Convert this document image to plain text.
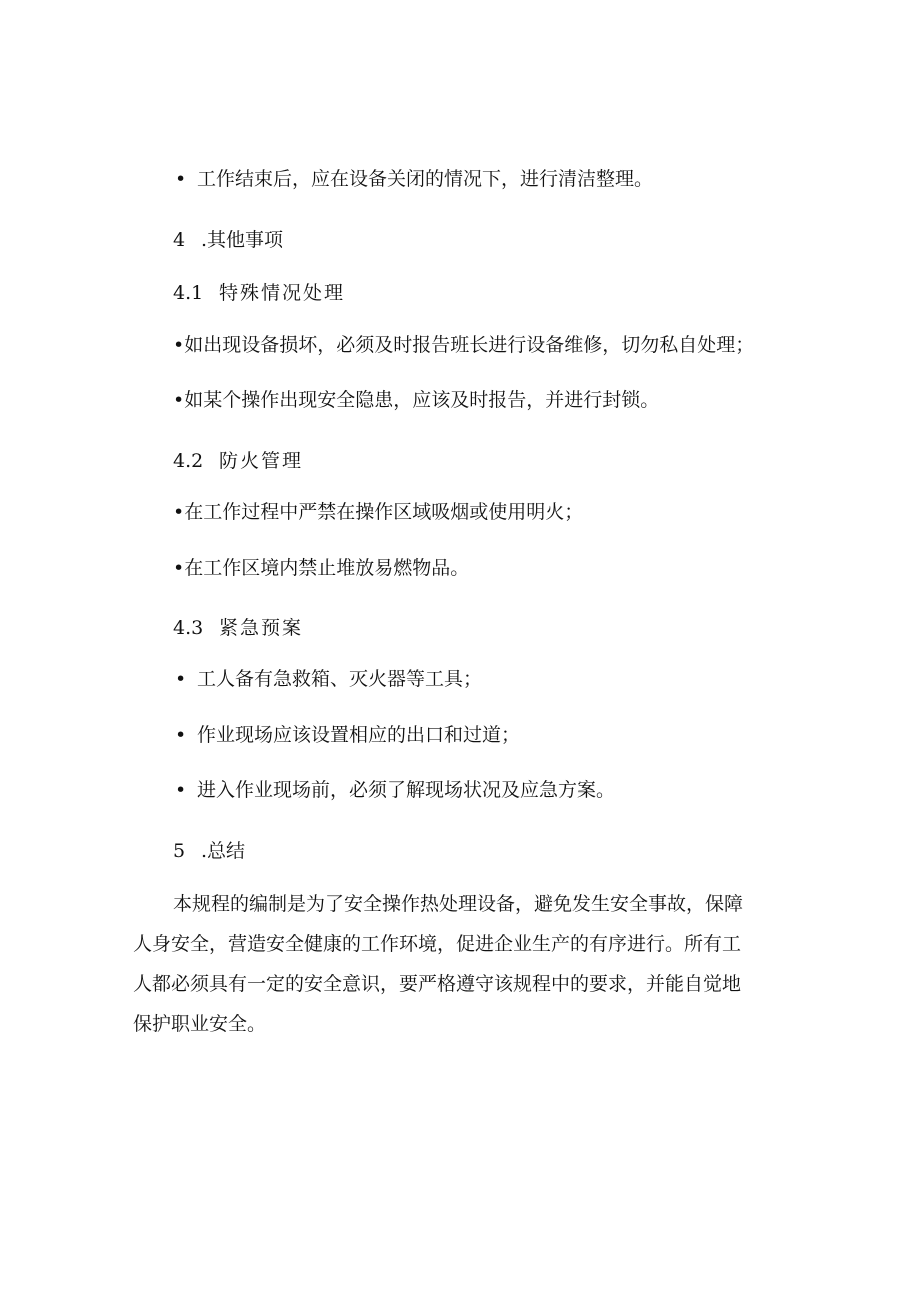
• 工作结束后，应在设备关闭的情况下，进行清洁整理。
4 .其他事项
4.1 特殊情况处理
•如出现设备损坏，必须及时报告班长进行设备维修，切勿私自处理；
•如某个操作出现安全隐患，应该及时报告，并进行封锁。
4.2 防火管理
•在工作过程中严禁在操作区域吸烟或使用明火；
•在工作区境内禁止堆放易燃物品。
4.3 紧急预案
• 工人备有急救箱、灭火器等工具；
• 作业现场应该设置相应的出口和过道；
• 进入作业现场前，必须了解现场状况及应急方案。
5 .总结
本规程的编制是为了安全操作热处理设备，避免发生安全事故，保障
人身安全，营造安全健康的工作环境，促进企业生产的有序进行。所有工
人都必须具有一定的安全意识，要严格遵守该规程中的要求，并能自觉地
保护职业安全。
